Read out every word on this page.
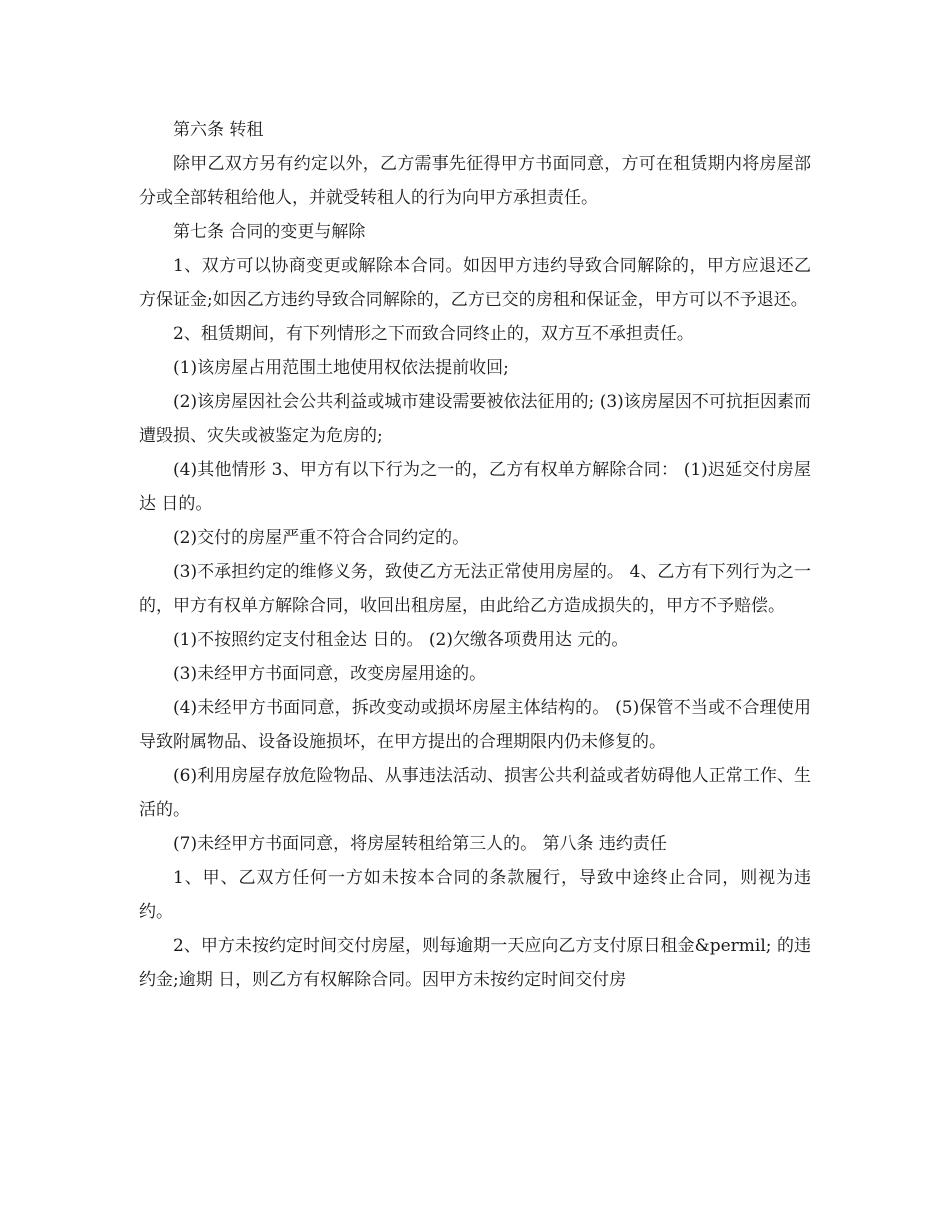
第六条 转租

除甲乙双方另有约定以外，乙方需事先征得甲方书面同意，方可在租赁期内将房屋部分或全部转租给他人，并就受转租人的行为向甲方承担责任。

第七条 合同的变更与解除

1、双方可以协商变更或解除本合同。如因甲方违约导致合同解除的，甲方应退还乙方保证金;如因乙方违约导致合同解除的，乙方已交的房租和保证金，甲方可以不予退还。

2、租赁期间，有下列情形之下而致合同终止的，双方互不承担责任。

(1)该房屋占用范围土地使用权依法提前收回;

(2)该房屋因社会公共利益或城市建设需要被依法征用的; (3)该房屋因不可抗拒因素而遭毁损、灾失或被鉴定为危房的;

(4)其他情形 3、甲方有以下行为之一的，乙方有权单方解除合同： (1)迟延交付房屋达 日的。

(2)交付的房屋严重不符合合同约定的。

(3)不承担约定的维修义务，致使乙方无法正常使用房屋的。 4、乙方有下列行为之一的，甲方有权单方解除合同，收回出租房屋，由此给乙方造成损失的，甲方不予赔偿。

(1)不按照约定支付租金达 日的。 (2)欠缴各项费用达 元的。

(3)未经甲方书面同意，改变房屋用途的。

(4)未经甲方书面同意，拆改变动或损坏房屋主体结构的。 (5)保管不当或不合理使用导致附属物品、设备设施损坏，在甲方提出的合理期限内仍未修复的。

(6)利用房屋存放危险物品、从事违法活动、损害公共利益或者妨碍他人正常工作、生活的。

(7)未经甲方书面同意，将房屋转租给第三人的。 第八条 违约责任

1、甲、乙双方任何一方如未按本合同的条款履行，导致中途终止合同，则视为违约。

2、甲方未按约定时间交付房屋，则每逾期一天应向乙方支付原日租金&permil; 的违约金;逾期 日，则乙方有权解除合同。因甲方未按约定时间交付房
